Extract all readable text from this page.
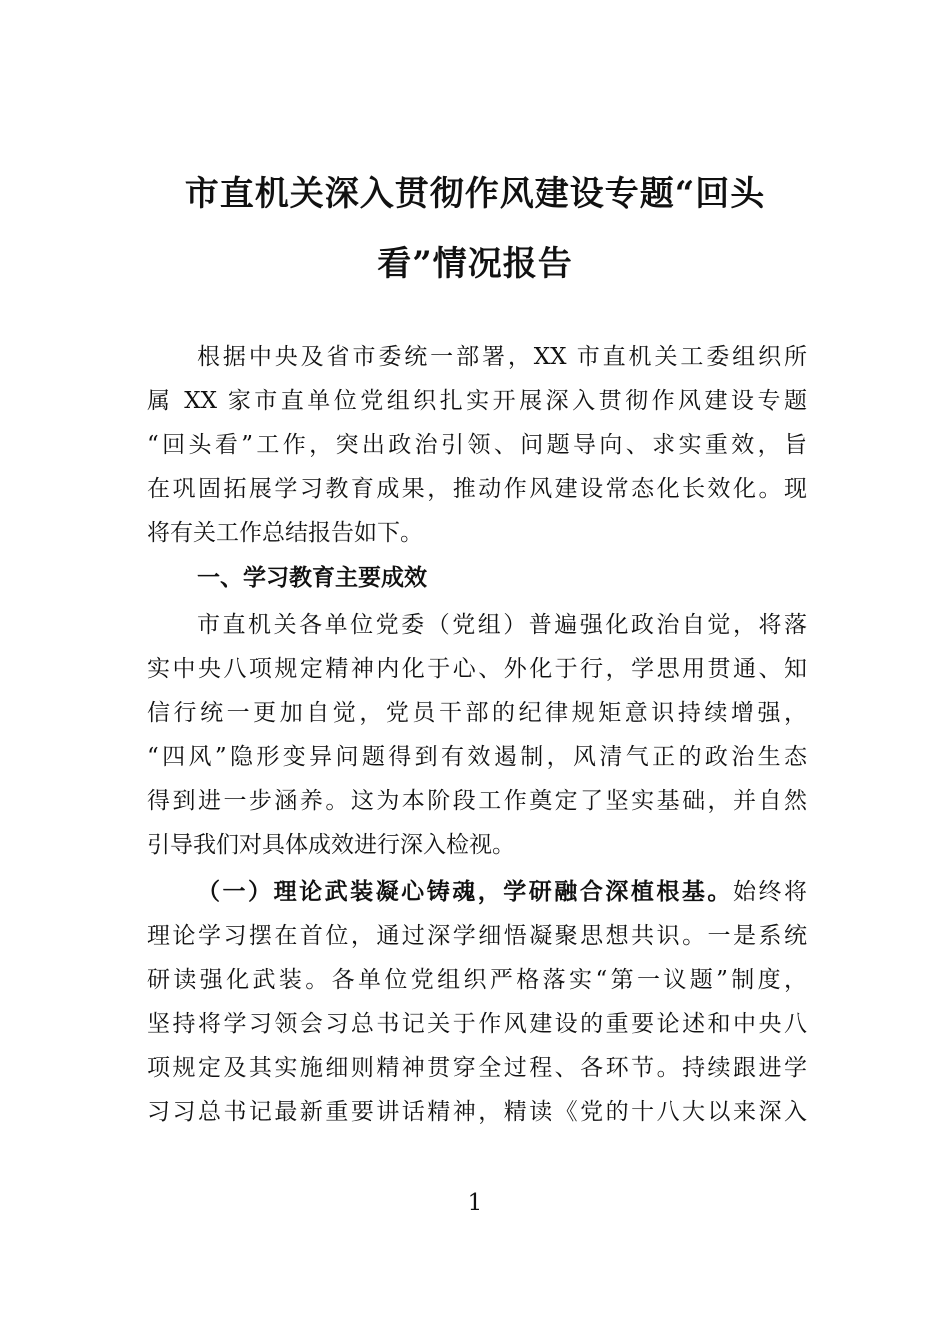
市直机关深入贯彻作风建设专题“回头
看”情况报告
根据中央及省市委统一部署，XX 市直机关工委组织所
属 XX 家市直单位党组织扎实开展深入贯彻作风建设专题
“回头看”工作，突出政治引领、问题导向、求实重效，旨
在巩固拓展学习教育成果，推动作风建设常态化长效化。现
将有关工作总结报告如下。
一、学习教育主要成效
市直机关各单位党委（党组）普遍强化政治自觉，将落
实中央八项规定精神内化于心、外化于行，学思用贯通、知
信行统一更加自觉，党员干部的纪律规矩意识持续增强，
“四风”隐形变异问题得到有效遏制，风清气正的政治生态
得到进一步涵养。这为本阶段工作奠定了坚实基础，并自然
引导我们对具体成效进行深入检视。
（一）理论武装凝心铸魂，学研融合深植根基。始终将
理论学习摆在首位，通过深学细悟凝聚思想共识。一是系统
研读强化武装。各单位党组织严格落实“第一议题”制度，
坚持将学习领会习总书记关于作风建设的重要论述和中央八
项规定及其实施细则精神贯穿全过程、各环节。持续跟进学
习习总书记最新重要讲话精神，精读《党的十八大以来深入
1
